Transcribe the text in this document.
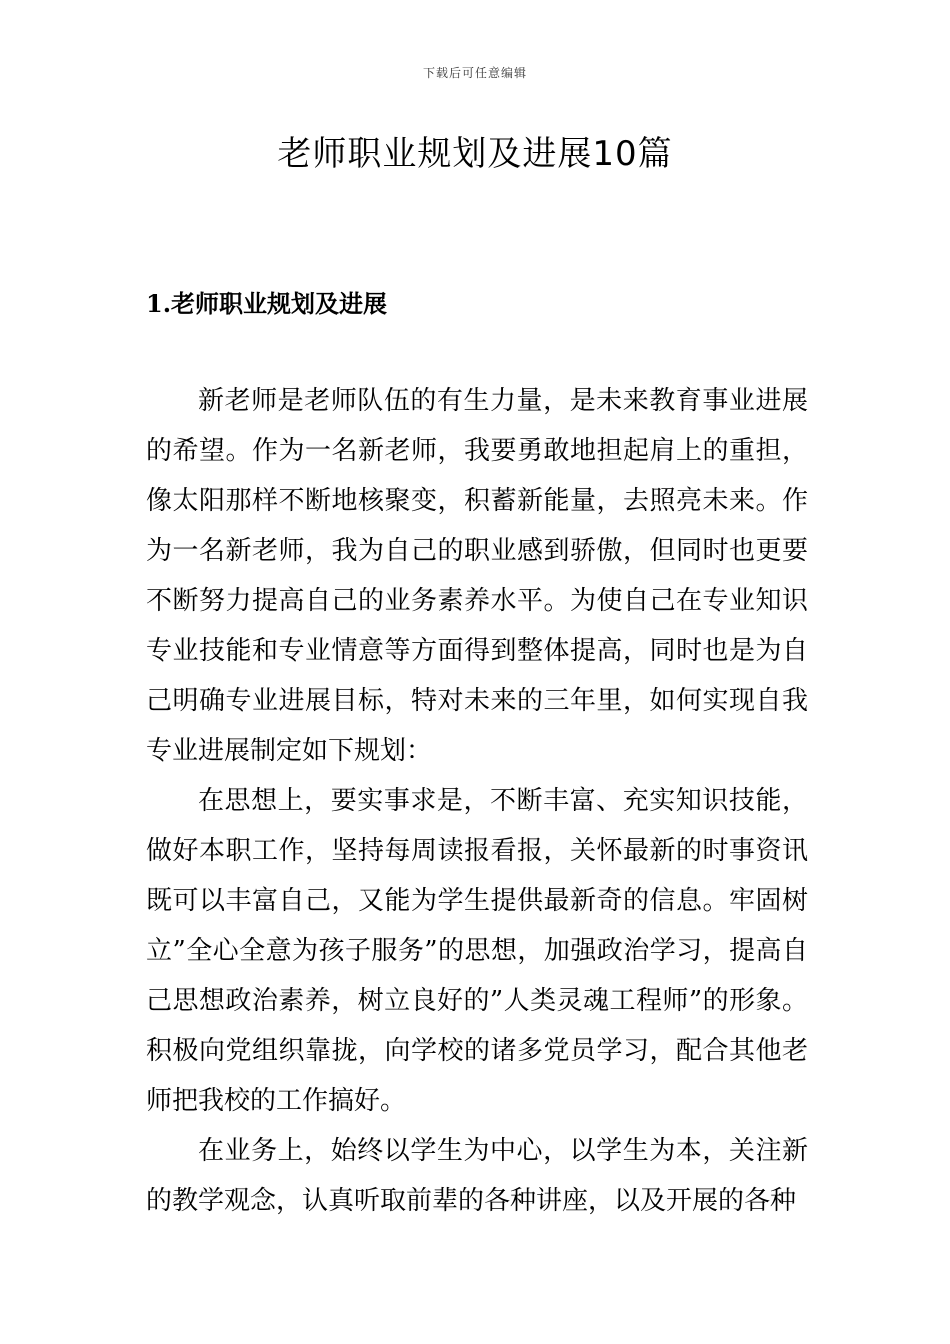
下载后可任意编辑
老师职业规划及进展10篇
1.老师职业规划及进展

新老师是老师队伍的有生力量，是未来教育事业进展的希望。作为一名新老师，我要勇敢地担起肩上的重担，像太阳那样不断地核聚变，积蓄新能量，去照亮未来。作为一名新老师，我为自己的职业感到骄傲，但同时也更要不断努力提高自己的业务素养水平。为使自己在专业知识专业技能和专业情意等方面得到整体提高，同时也是为自己明确专业进展目标，特对未来的三年里，如何实现自我专业进展制定如下规划：

在思想上，要实事求是，不断丰富、充实知识技能，做好本职工作，坚持每周读报看报，关怀最新的时事资讯既可以丰富自己，又能为学生提供最新奇的信息。牢固树立”全心全意为孩子服务”的思想，加强政治学习，提高自己思想政治素养，树立良好的”人类灵魂工程师”的形象。积极向党组织靠拢，向学校的诸多党员学习，配合其他老师把我校的工作搞好。

在业务上，始终以学生为中心，以学生为本，关注新的教学观念，认真听取前辈的各种讲座，以及开展的各种
